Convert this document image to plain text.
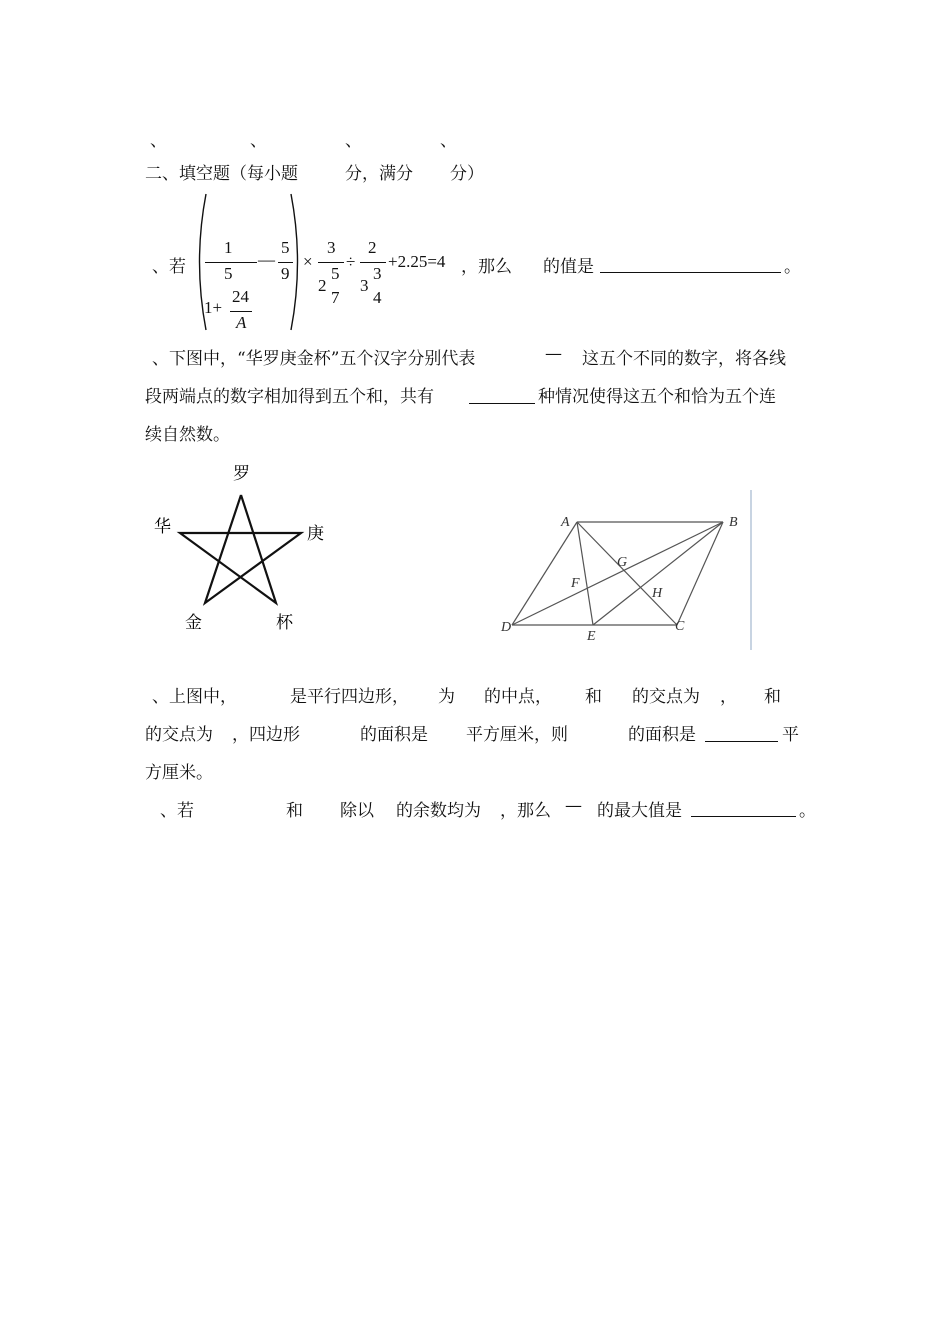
、	、	、	、
二、填空题（每小题	分，满分 分）
、若
1
5
—
5
9
1+
24
A
×
3
2
5
7
÷
2
3
3
4
+2.25=4 ，那么 的值是	。
、下图中，“华罗庚金杯”五个汉字分别代表	— 这五个不同的数字，将各线
段两端点的数字相加得到五个和，共有	种情况使得这五个和恰为五个连
续自然数。
罗
华	庚
金	杯
A	B
C
D
E
F
G
H
、上图中，	是平行四边形， 为 的中点， 和 的交点为 ， 和
的交点为 ，四边形	的面积是 平方厘米，则	的面积是	平
方厘米。
、若	和 除以 的余数均为 ，那么 — 的最大值是	。
